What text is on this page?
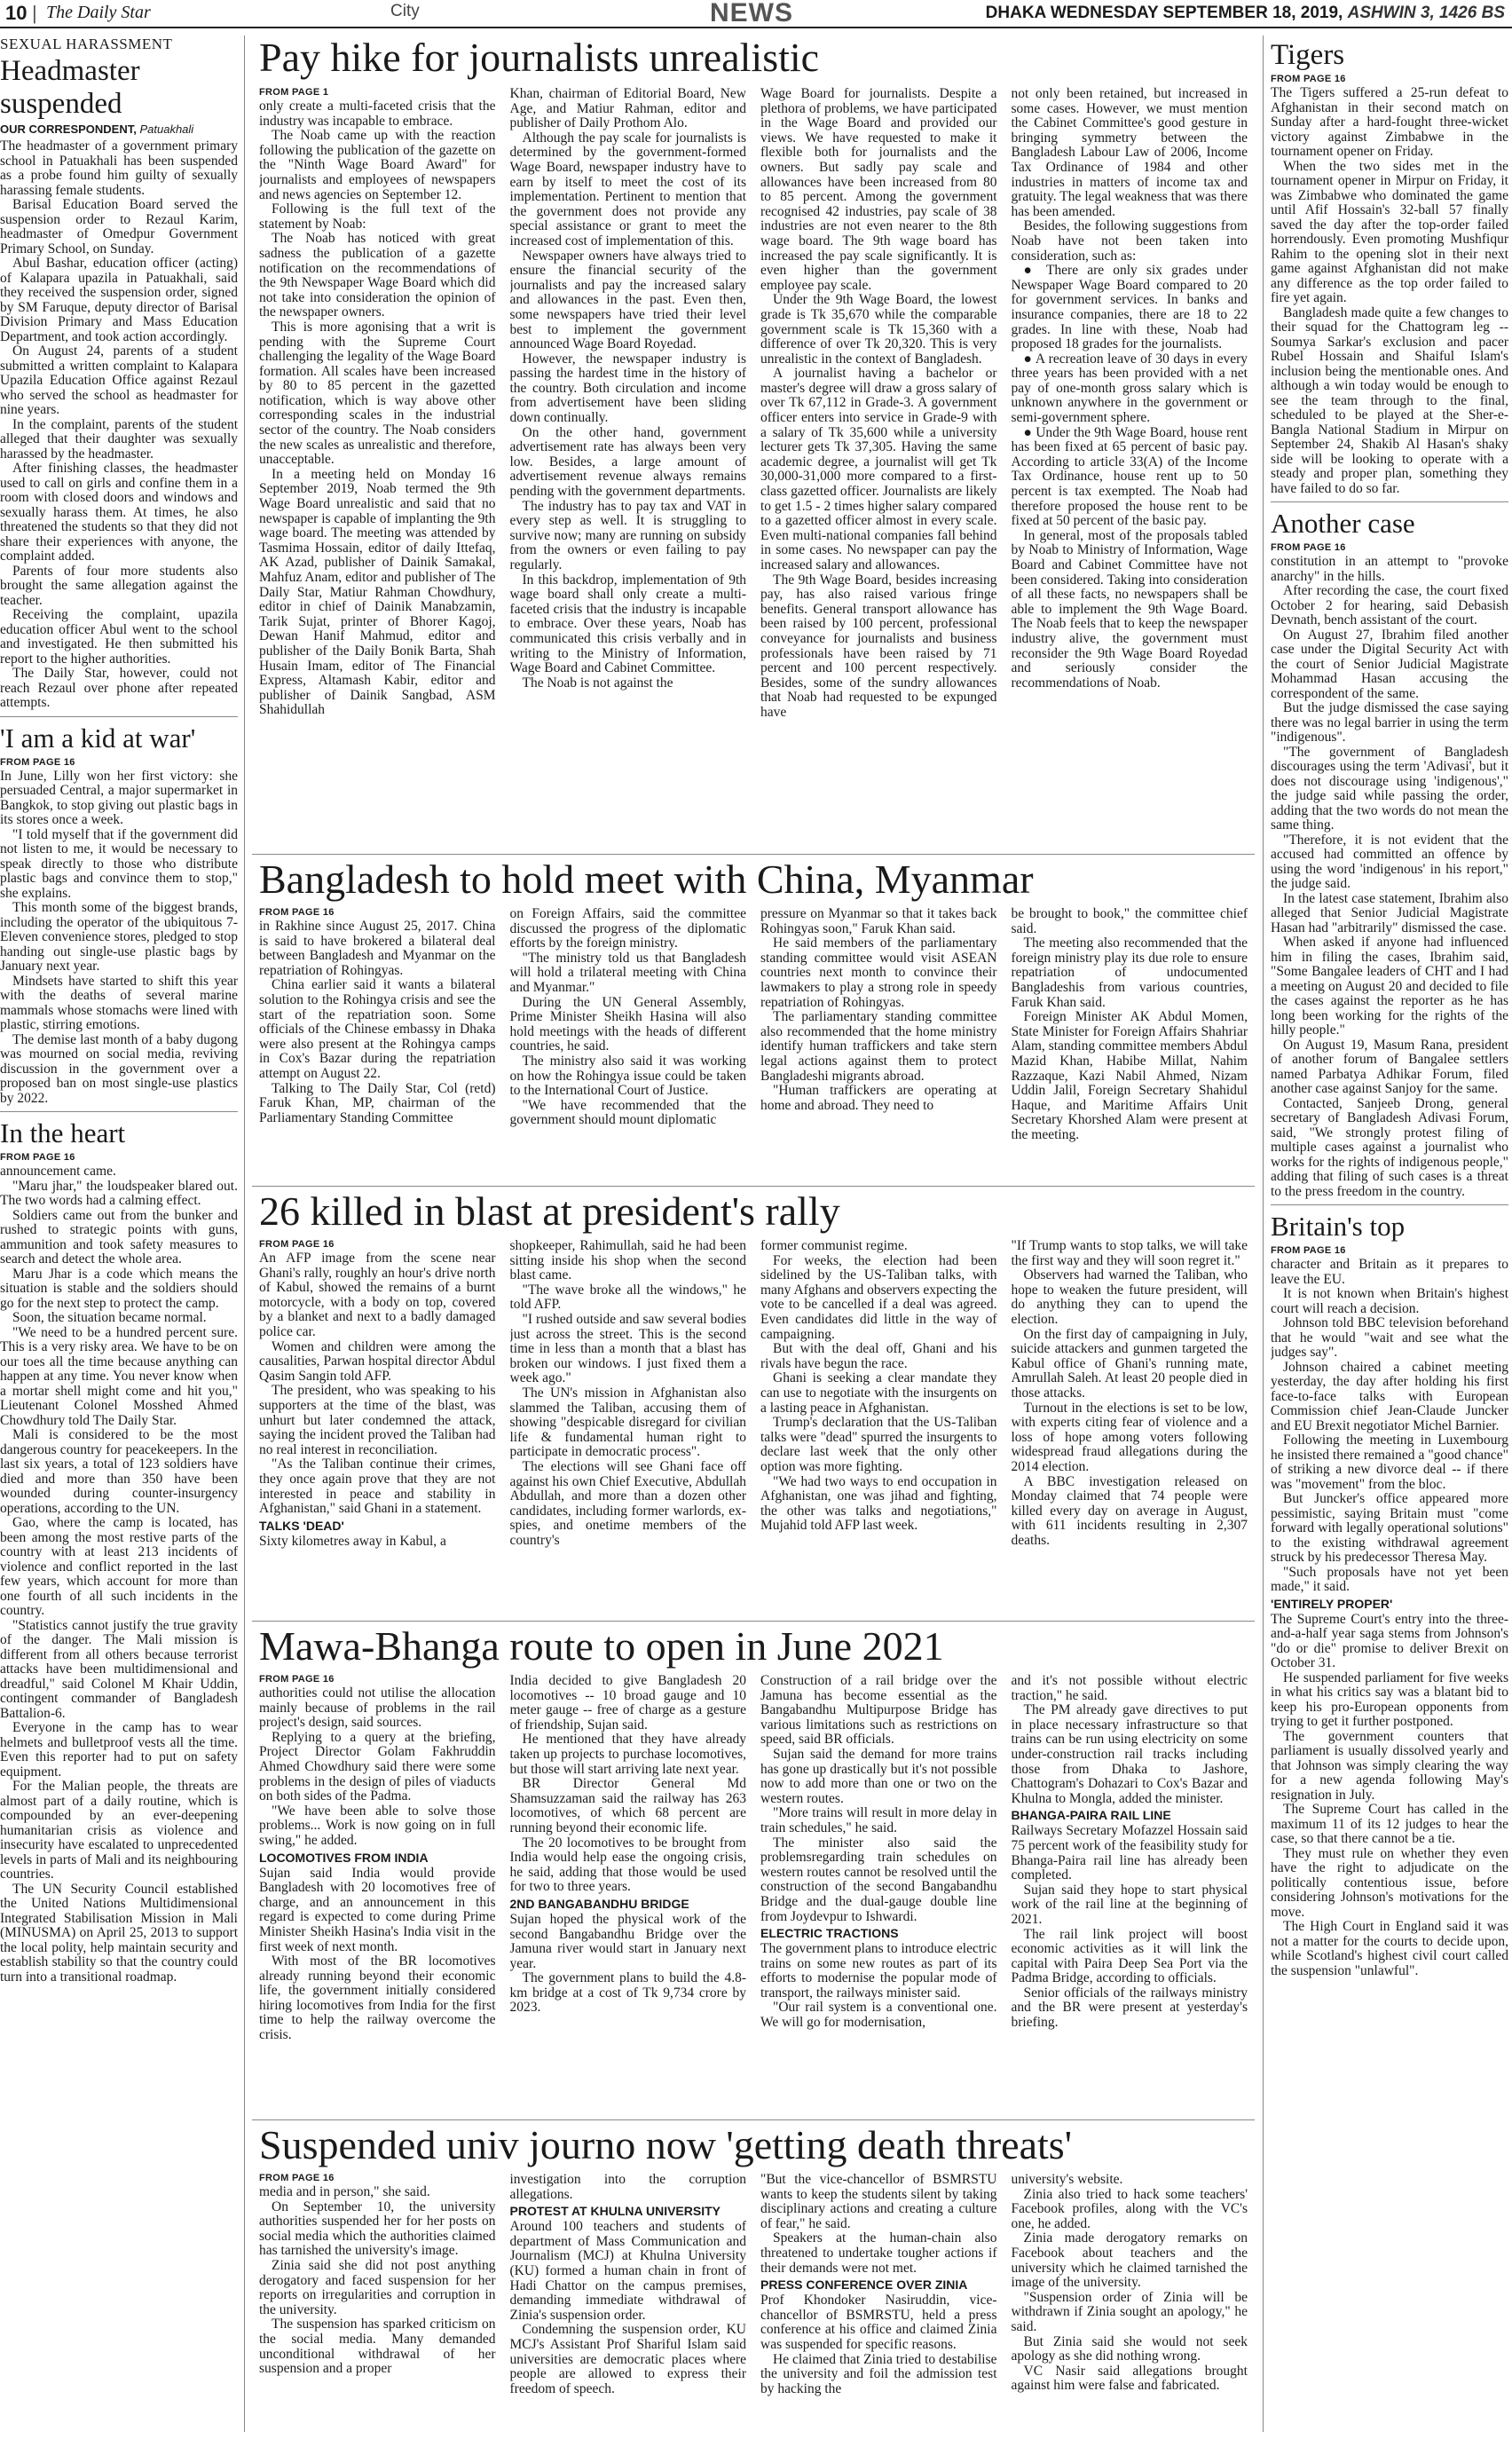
10 | The Daily Star	City	NEWS	DHAKA WEDNESDAY SEPTEMBER 18, 2019, ASHWIN 3, 1426 BS
SEXUAL HARASSMENT
Headmaster suspended
OUR CORRESPONDENT, Patuakhali

The headmaster of a government primary school in Patuakhali has been suspended as a probe found him guilty of sexually harassing female students.

Barisal Education Board served the suspension order to Rezaul Karim, headmaster of Omedpur Government Primary School, on Sunday.

Abul Bashar, education officer (acting) of Kalapara upazila in Patuakhali, said they received the suspension order, signed by SM Faruque, deputy director of Barisal Division Primary and Mass Education Department, and took action accordingly.

On August 24, parents of a student submitted a written complaint to Kalapara Upazila Education Office against Rezaul who served the school as headmaster for nine years.

In the complaint, parents of the student alleged that their daughter was sexually harassed by the headmaster.

After finishing classes, the headmaster used to call on girls and confine them in a room with closed doors and windows and sexually harass them. At times, he also threatened the students so that they did not share their experiences with anyone, the complaint added.

Parents of four more students also brought the same allegation against the teacher.

Receiving the complaint, upazila education officer Abul went to the school and investigated. He then submitted his report to the higher authorities.

The Daily Star, however, could not reach Rezaul over phone after repeated attempts.

'I am a kid at war'
FROM PAGE 16

In June, Lilly won her first victory: she persuaded Central, a major supermarket in Bangkok, to stop giving out plastic bags in its stores once a week.

"I told myself that if the government did not listen to me, it would be necessary to speak directly to those who distribute plastic bags and convince them to stop," she explains.

This month some of the biggest brands, including the operator of the ubiquitous 7-Eleven convenience stores, pledged to stop handing out single-use plastic bags by January next year.

Mindsets have started to shift this year with the deaths of several marine mammals whose stomachs were lined with plastic, stirring emotions.

The demise last month of a baby dugong was mourned on social media, reviving discussion in the government over a proposed ban on most single-use plastics by 2022.

In the heart
FROM PAGE 16

announcement came.

"Maru jhar," the loudspeaker blared out. The two words had a calming effect.

Soldiers came out from the bunker and rushed to strategic points with guns, ammunition and took safety measures to search and detect the whole area.

Maru Jhar is a code which means the situation is stable and the soldiers should go for the next step to protect the camp.

Soon, the situation became normal.

"We need to be a hundred percent sure. This is a very risky area. We have to be on our toes all the time because anything can happen at any time. You never know when a mortar shell might come and hit you," Lieutenant Colonel Mosshed Ahmed Chowdhury told The Daily Star.

Mali is considered to be the most dangerous country for peacekeepers. In the last six years, a total of 123 soldiers have died and more than 350 have been wounded during counter-insurgency operations, according to the UN.

Gao, where the camp is located, has been among the most restive parts of the country with at least 213 incidents of violence and conflict reported in the last few years, which account for more than one fourth of all such incidents in the country.

"Statistics cannot justify the true gravity of the danger. The Mali mission is different from all others because terrorist attacks have been multidimensional and dreadful," said Colonel M Khair Uddin, contingent commander of Bangladesh Battalion-6.

Everyone in the camp has to wear helmets and bulletproof vests all the time. Even this reporter had to put on safety equipment.

For the Malian people, the threats are almost part of a daily routine, which is compounded by an ever-deepening humanitarian crisis as violence and insecurity have escalated to unprecedented levels in parts of Mali and its neighbouring countries.

The UN Security Council established the United Nations Multidimensional Integrated Stabilisation Mission in Mali (MINUSMA) on April 25, 2013 to support the local polity, help maintain security and establish stability so that the country could turn into a transitional roadmap.

Tigers
FROM PAGE 16

The Tigers suffered a 25-run defeat to Afghanistan in their second match on Sunday after a hard-fought three-wicket victory against Zimbabwe in the tournament opener on Friday.

When the two sides met in the tournament opener in Mirpur on Friday, it was Zimbabwe who dominated the game until Afif Hossain's 32-ball 57 finally saved the day after the top-order failed horrendously. Even promoting Mushfiqur Rahim to the opening slot in their next game against Afghanistan did not make any difference as the top order failed to fire yet again.

Bangladesh made quite a few changes to their squad for the Chattogram leg -- Soumya Sarkar's exclusion and pacer Rubel Hossain and Shaiful Islam's inclusion being the mentionable ones. And although a win today would be enough to see the team through to the final, scheduled to be played at the Sher-e-Bangla National Stadium in Mirpur on September 24, Shakib Al Hasan's shaky side will be looking to operate with a steady and proper plan, something they have failed to do so far.

Another case
FROM PAGE 16

constitution in an attempt to "provoke anarchy" in the hills.

After recording the case, the court fixed October 2 for hearing, said Debasish Devnath, bench assistant of the court.

On August 27, Ibrahim filed another case under the Digital Security Act with the court of Senior Judicial Magistrate Mohammad Hasan accusing the correspondent of the same.

But the judge dismissed the case saying there was no legal barrier in using the term "indigenous".

"The government of Bangladesh discourages using the term 'Adivasi', but it does not discourage using 'indigenous'," the judge said while passing the order, adding that the two words do not mean the same thing.

"Therefore, it is not evident that the accused had committed an offence by using the word 'indigenous' in his report," the judge said.

In the latest case statement, Ibrahim also alleged that Senior Judicial Magistrate Hasan had "arbitrarily" dismissed the case.

When asked if anyone had influenced him in filing the cases, Ibrahim said, "Some Bangalee leaders of CHT and I had a meeting on August 20 and decided to file the cases against the reporter as he has long been working for the rights of the hilly people."

On August 19, Masum Rana, president of another forum of Bangalee settlers named Parbatya Adhikar Forum, filed another case against Sanjoy for the same.

Contacted, Sanjeeb Drong, general secretary of Bangladesh Adivasi Forum, said, "We strongly protest filing of multiple cases against a journalist who works for the rights of indigenous people," adding that filing of such cases is a threat to the press freedom in the country.

Britain's top
FROM PAGE 16

character and Britain as it prepares to leave the EU.

It is not known when Britain's highest court will reach a decision.

Johnson told BBC television beforehand that he would "wait and see what the judges say".

Johnson chaired a cabinet meeting yesterday, the day after holding his first face-to-face talks with European Commission chief Jean-Claude Juncker and EU Brexit negotiator Michel Barnier.

Following the meeting in Luxembourg he insisted there remained a "good chance" of striking a new divorce deal -- if there was "movement" from the bloc.

But Juncker's office appeared more pessimistic, saying Britain must "come forward with legally operational solutions" to the existing withdrawal agreement struck by his predecessor Theresa May.

"Such proposals have not yet been made," it said.

'ENTIRELY PROPER'

The Supreme Court's entry into the three-and-a-half year saga stems from Johnson's "do or die" promise to deliver Brexit on October 31.

He suspended parliament for five weeks in what his critics say was a blatant bid to keep his pro-European opponents from trying to get it further postponed.

The government counters that parliament is usually dissolved yearly and that Johnson was simply clearing the way for a new agenda following May's resignation in July.

The Supreme Court has called in the maximum 11 of its 12 judges to hear the case, so that there cannot be a tie.

They must rule on whether they even have the right to adjudicate on the politically contentious issue, before considering Johnson's motivations for the move.

The High Court in England said it was not a matter for the courts to decide upon, while Scotland's highest civil court called the suspension "unlawful".

Pay hike for journalists unrealistic
FROM PAGE 1

only create a multi-faceted crisis that the industry was incapable to embrace.

The Noab came up with the reaction following the publication of the gazette on the "Ninth Wage Board Award" for journalists and employees of newspapers and news agencies on September 12.

Following is the full text of the statement by Noab:

The Noab has noticed with great sadness the publication of a gazette notification on the recommendations of the 9th Newspaper Wage Board which did not take into consideration the opinion of the newspaper owners.

This is more agonising that a writ is pending with the Supreme Court challenging the legality of the Wage Board formation. All scales have been increased by 80 to 85 percent in the gazetted notification, which is way above other corresponding scales in the industrial sector of the country. The Noab considers the new scales as unrealistic and therefore, unacceptable.

In a meeting held on Monday 16 September 2019, Noab termed the 9th Wage Board unrealistic and said that no newspaper is capable of implanting the 9th wage board. The meeting was attended by Tasmima Hossain, editor of daily Ittefaq, AK Azad, publisher of Dainik Samakal, Mahfuz Anam, editor and publisher of The Daily Star, Matiur Rahman Chowdhury, editor in chief of Dainik Manabzamin, Tarik Sujat, printer of Bhorer Kagoj, Dewan Hanif Mahmud, editor and publisher of the Daily Bonik Barta, Shah Husain Imam, editor of The Financial Express, Altamash Kabir, editor and publisher of Dainik Sangbad, ASM Shahidullah

Khan, chairman of Editorial Board, New Age, and Matiur Rahman, editor and publisher of Daily Prothom Alo.

Although the pay scale for journalists is determined by the government-formed Wage Board, newspaper industry have to earn by itself to meet the cost of its implementation. Pertinent to mention that the government does not provide any special assistance or grant to meet the increased cost of implementation of this.

Newspaper owners have always tried to ensure the financial security of the journalists and pay the increased salary and allowances in the past. Even then, some newspapers have tried their level best to implement the government announced Wage Board Royedad.

However, the newspaper industry is passing the hardest time in the history of the country. Both circulation and income from advertisement have been sliding down continually.

On the other hand, government advertisement rate has always been very low. Besides, a large amount of advertisement revenue always remains pending with the government departments.

The industry has to pay tax and VAT in every step as well. It is struggling to survive now; many are running on subsidy from the owners or even failing to pay regularly.

In this backdrop, implementation of 9th wage board shall only create a multi-faceted crisis that the industry is incapable to embrace. Over these years, Noab has communicated this crisis verbally and in writing to the Ministry of Information, Wage Board and Cabinet Committee.

The Noab is not against the

Wage Board for journalists. Despite a plethora of problems, we have participated in the Wage Board and provided our views. We have requested to make it flexible both for journalists and the owners. But sadly pay scale and allowances have been increased from 80 to 85 percent. Among the government recognised 42 industries, pay scale of 38 industries are not even nearer to the 8th wage board. The 9th wage board has increased the pay scale significantly. It is even higher than the government employee pay scale.

Under the 9th Wage Board, the lowest grade is Tk 35,670 while the comparable government scale is Tk 15,360 with a difference of over Tk 20,320. This is very unrealistic in the context of Bangladesh.

A journalist having a bachelor or master's degree will draw a gross salary of over Tk 67,112 in Grade-3. A government officer enters into service in Grade-9 with a salary of Tk 35,600 while a university lecturer gets Tk 37,305. Having the same academic degree, a journalist will get Tk 30,000-31,000 more compared to a first-class gazetted officer. Journalists are likely to get 1.5 - 2 times higher salary compared to a gazetted officer almost in every scale. Even multi-national companies fall behind in some cases. No newspaper can pay the increased salary and allowances.

The 9th Wage Board, besides increasing pay, has also raised various fringe benefits. General transport allowance has been raised by 100 percent, professional conveyance for journalists and business professionals have been raised by 71 percent and 100 percent respectively. Besides, some of the sundry allowances that Noab had requested to be expunged have

not only been retained, but increased in some cases. However, we must mention the Cabinet Committee's good gesture in bringing symmetry between the Bangladesh Labour Law of 2006, Income Tax Ordinance of 1984 and other industries in matters of income tax and gratuity. The legal weakness that was there has been amended.

Besides, the following suggestions from Noab have not been taken into consideration, such as:

● There are only six grades under Newspaper Wage Board compared to 20 for government services. In banks and insurance companies, there are 18 to 22 grades. In line with these, Noab had proposed 18 grades for the journalists.

● A recreation leave of 30 days in every three years has been provided with a net pay of one-month gross salary which is unknown anywhere in the government or semi-government sphere.

● Under the 9th Wage Board, house rent has been fixed at 65 percent of basic pay. According to article 33(A) of the Income Tax Ordinance, house rent up to 50 percent is tax exempted. The Noab had therefore proposed the house rent to be fixed at 50 percent of the basic pay.

In general, most of the proposals tabled by Noab to Ministry of Information, Wage Board and Cabinet Committee have not been considered. Taking into consideration of all these facts, no newspapers shall be able to implement the 9th Wage Board. The Noab feels that to keep the newspaper industry alive, the government must reconsider the 9th Wage Board Royedad and seriously consider the recommendations of Noab.

Bangladesh to hold meet with China, Myanmar
FROM PAGE 16

in Rakhine since August 25, 2017. China is said to have brokered a bilateral deal between Bangladesh and Myanmar on the repatriation of Rohingyas.

China earlier said it wants a bilateral solution to the Rohingya crisis and see the start of the repatriation soon. Some officials of the Chinese embassy in Dhaka were also present at the Rohingya camps in Cox's Bazar during the repatriation attempt on August 22.

Talking to The Daily Star, Col (retd) Faruk Khan, MP, chairman of the Parliamentary Standing Committee

on Foreign Affairs, said the committee discussed the progress of the diplomatic efforts by the foreign ministry.

"The ministry told us that Bangladesh will hold a trilateral meeting with China and Myanmar."

During the UN General Assembly, Prime Minister Sheikh Hasina will also hold meetings with the heads of different countries, he said.

The ministry also said it was working on how the Rohingya issue could be taken to the International Court of Justice.

"We have recommended that the government should mount diplomatic

pressure on Myanmar so that it takes back Rohingyas soon," Faruk Khan said.

He said members of the parliamentary standing committee would visit ASEAN countries next month to convince their lawmakers to play a strong role in speedy repatriation of Rohingyas.

The parliamentary standing committee also recommended that the home ministry identify human traffickers and take stern legal actions against them to protect Bangladeshi migrants abroad.

"Human traffickers are operating at home and abroad. They need to

be brought to book," the committee chief said.

The meeting also recommended that the foreign ministry play its due role to ensure repatriation of undocumented Bangladeshis from various countries, Faruk Khan said.

Foreign Minister AK Abdul Momen, State Minister for Foreign Affairs Shahriar Alam, standing committee members Abdul Mazid Khan, Habibe Millat, Nahim Razzaque, Kazi Nabil Ahmed, Nizam Uddin Jalil, Foreign Secretary Shahidul Haque, and Maritime Affairs Unit Secretary Khorshed Alam were present at the meeting.

26 killed in blast at president's rally
FROM PAGE 16

An AFP image from the scene near Ghani's rally, roughly an hour's drive north of Kabul, showed the remains of a burnt motorcycle, with a body on top, covered by a blanket and next to a badly damaged police car.

Women and children were among the causalities, Parwan hospital director Abdul Qasim Sangin told AFP.

The president, who was speaking to his supporters at the time of the blast, was unhurt but later condemned the attack, saying the incident proved the Taliban had no real interest in reconciliation.

"As the Taliban continue their crimes, they once again prove that they are not interested in peace and stability in Afghanistan," said Ghani in a statement.

TALKS 'DEAD'

Sixty kilometres away in Kabul, a

shopkeeper, Rahimullah, said he had been sitting inside his shop when the second blast came.

"The wave broke all the windows," he told AFP.

"I rushed outside and saw several bodies just across the street. This is the second time in less than a month that a blast has broken our windows. I just fixed them a week ago."

The UN's mission in Afghanistan also slammed the Taliban, accusing them of showing "despicable disregard for civilian life & fundamental human right to participate in democratic process".

The elections will see Ghani face off against his own Chief Executive, Abdullah Abdullah, and more than a dozen other candidates, including former warlords, ex-spies, and onetime members of the country's

former communist regime.

For weeks, the election had been sidelined by the US-Taliban talks, with many Afghans and observers expecting the vote to be cancelled if a deal was agreed. Even candidates did little in the way of campaigning.

But with the deal off, Ghani and his rivals have begun the race.

Ghani is seeking a clear mandate they can use to negotiate with the insurgents on a lasting peace in Afghanistan.

Trump's declaration that the US-Taliban talks were "dead" spurred the insurgents to declare last week that the only other option was more fighting.

"We had two ways to end occupation in Afghanistan, one was jihad and fighting, the other was talks and negotiations," Mujahid told AFP last week.

"If Trump wants to stop talks, we will take the first way and they will soon regret it."

Observers had warned the Taliban, who hope to weaken the future president, will do anything they can to upend the election.

On the first day of campaigning in July, suicide attackers and gunmen targeted the Kabul office of Ghani's running mate, Amrullah Saleh. At least 20 people died in those attacks.

Turnout in the elections is set to be low, with experts citing fear of violence and a loss of hope among voters following widespread fraud allegations during the 2014 election.

A BBC investigation released on Monday claimed that 74 people were killed every day on average in August, with 611 incidents resulting in 2,307 deaths.

Mawa-Bhanga route to open in June 2021
FROM PAGE 16

authorities could not utilise the allocation mainly because of problems in the rail project's design, said sources.

Replying to a query at the briefing, Project Director Golam Fakhruddin Ahmed Chowdhury said there were some problems in the design of piles of viaducts on both sides of the Padma.

"We have been able to solve those problems... Work is now going on in full swing," he added.

LOCOMOTIVES FROM INDIA

Sujan said India would provide Bangladesh with 20 locomotives free of charge, and an announcement in this regard is expected to come during Prime Minister Sheikh Hasina's India visit in the first week of next month.

With most of the BR locomotives already running beyond their economic life, the government initially considered hiring locomotives from India for the first time to help the railway overcome the crisis.

India decided to give Bangladesh 20 locomotives -- 10 broad gauge and 10 meter gauge -- free of charge as a gesture of friendship, Sujan said.

He mentioned that they have already taken up projects to purchase locomotives, but those will start arriving late next year.

BR Director General Md Shamsuzzaman said the railway has 263 locomotives, of which 68 percent are running beyond their economic life.

The 20 locomotives to be brought from India would help ease the ongoing crisis, he said, adding that those would be used for two to three years.

2ND BANGABANDHU BRIDGE

Sujan hoped the physical work of the second Bangabandhu Bridge over the Jamuna river would start in January next year.

The government plans to build the 4.8-km bridge at a cost of Tk 9,734 crore by 2023.

Construction of a rail bridge over the Jamuna has become essential as the Bangabandhu Multipurpose Bridge has various limitations such as restrictions on speed, said BR officials.

Sujan said the demand for more trains has gone up drastically but it's not possible now to add more than one or two on the western routes.

"More trains will result in more delay in train schedules," he said.

The minister also said the problemsregarding train schedules on western routes cannot be resolved until the construction of the second Bangabandhu Bridge and the dual-gauge double line from Joydevpur to Ishwardi.

ELECTRIC TRACTIONS

The government plans to introduce electric trains on some new routes as part of its efforts to modernise the popular mode of transport, the railways minister said.

"Our rail system is a conventional one. We will go for modernisation,

and it's not possible without electric traction," he said.

The PM already gave directives to put in place necessary infrastructure so that trains can be run using electricity on some under-construction rail tracks including those from Dhaka to Jashore, Chattogram's Dohazari to Cox's Bazar and Khulna to Mongla, added the minister.

BHANGA-PAIRA RAIL LINE

Railways Secretary Mofazzel Hossain said 75 percent work of the feasibility study for Bhanga-Paira rail line has already been completed.

Sujan said they hope to start physical work of the rail line at the beginning of 2021.

The rail link project will boost economic activities as it will link the capital with Paira Deep Sea Port via the Padma Bridge, according to officials.

Senior officials of the railways ministry and the BR were present at yesterday's briefing.

Suspended univ journo now 'getting death threats'
FROM PAGE 16

media and in person," she said.

On September 10, the university authorities suspended her for her posts on social media which the authorities claimed has tarnished the university's image.

Zinia said she did not post anything derogatory and faced suspension for her reports on irregularities and corruption in the university.

The suspension has sparked criticism on the social media. Many demanded unconditional withdrawal of her suspension and a proper

investigation into the corruption allegations.

PROTEST AT KHULNA UNIVERSITY

Around 100 teachers and students of department of Mass Communication and Journalism (MCJ) at Khulna University (KU) formed a human chain in front of Hadi Chattor on the campus premises, demanding immediate withdrawal of Zinia's suspension order.

Condemning the suspension order, KU MCJ's Assistant Prof Shariful Islam said universities are democratic places where people are allowed to express their freedom of speech.

"But the vice-chancellor of BSMRSTU wants to keep the students silent by taking disciplinary actions and creating a culture of fear," he said.

Speakers at the human-chain also threatened to undertake tougher actions if their demands were not met.

PRESS CONFERENCE OVER ZINIA

Prof Khondoker Nasiruddin, vice-chancellor of BSMRSTU, held a press conference at his office and claimed Zinia was suspended for specific reasons.

He claimed that Zinia tried to destabilise the university and foil the admission test by hacking the

university's website.

Zinia also tried to hack some teachers' Facebook profiles, along with the VC's one, he added.

Zinia made derogatory remarks on Facebook about teachers and the university which he claimed tarnished the image of the university.

"Suspension order of Zinia will be withdrawn if Zinia sought an apology," he said.

But Zinia said she would not seek apology as she did nothing wrong.

VC Nasir said allegations brought against him were false and fabricated.
